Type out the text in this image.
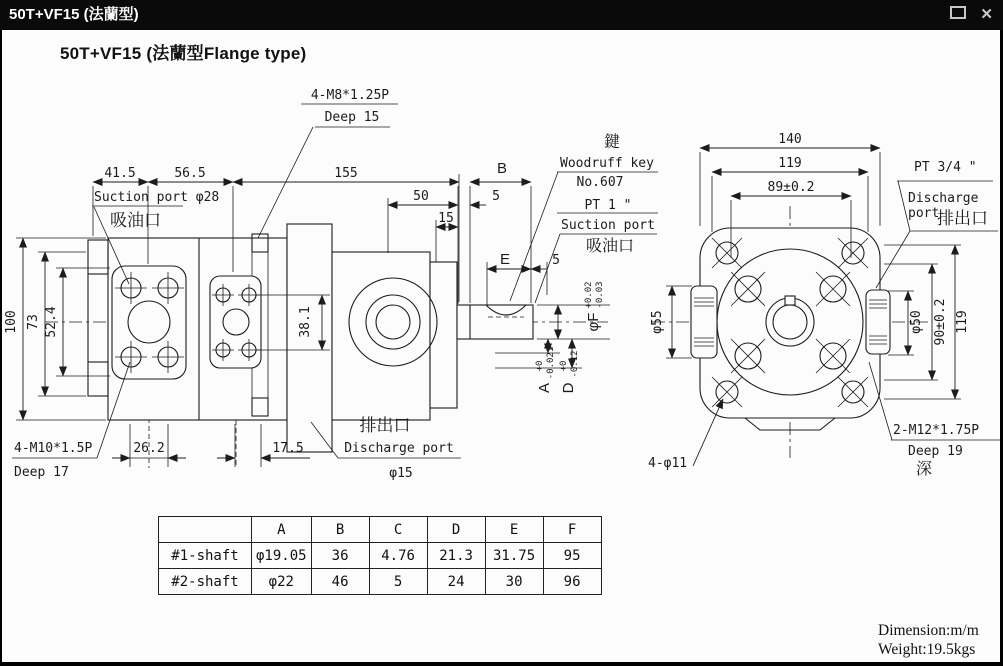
50T+VF15 (法蘭型)	✕
50T+VF15 (法蘭型Flange type)
4-M8*1.25P
Deep 15
Suction port φ28
吸油口
41.5	56.5	155	B
50	5
15
E	5
鍵
Woodruff key
No.607
PT 1 "
Suction port
吸油口
100 73 52.4	38.1	φF
+0.02 -0.03
A
+0 -0.021
D
+0 -0.12
26.2	17.5
4-M10*1.5P
Deep 17
排出口
Discharge port
φ15
140
119
89±0.2
PT 3/4 "
Discharge
port
排出口
φ55	φ50 90±0.2 119
4-φ11
2-M12*1.75P
Deep 19
深
	A	B	C	D	E	F
#1-shaft	φ19.05	36	4.76	21.3	31.75	95
#2-shaft	φ22	46	5	24	30	96
Dimension:m/m
Weight:19.5kgs
